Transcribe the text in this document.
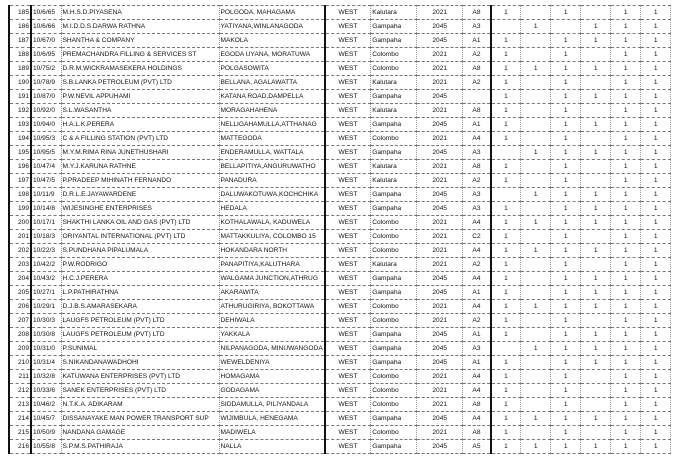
185	10/6/65	M.H.S.D.PIYASENA	POLGODA, MAHAGAMA	WEST	Kalutara	2021	A8	1		1		1	1
186	10/6/66	M.I.D.D.S.DARWA RATHNA	YATIYANA,WINLANAGODA	WEST	Gampaha	2045	A3		1		1	1	1
187	10/67/0	SHANTHA & COMPANY	MAKOLA	WEST	Gampaha	2045	A1	1		1	1	1	1
188	10/6/95	PREMACHANDRA FILLING & SERVICES ST	EGODA UYANA, MORATUWA	WEST	Colombo	2021	A2	1		1		1	1
189	10/75/2	D.R.M.WICKRAMASEKERA HOLDINGS	POLGASOWITA	WEST	Colombo	2021	A8	1	1	1	1	1	1
190	10/78/9	S.B.LANKA PETROLEUM (PVT) LTD	BELLANA, AGALAWATTA	WEST	Kalutara	2021	A2	1		1		1	1
191	10/87/0	P.W.NEVIL APPUHAMI	KATANA ROAD,DAMPELLA	WEST	Gampaha	2045		1		1	1	1	1
192	10/92/0	S.L.WASANTHA	MORAGAHAHENA	WEST	Kalutara	2021	A8	1		1		1	1
193	10/94/0	H.A.L.K.PERERA	NELLIGAHAMULLA,ATTHANAG	WEST	Gampaha	2045	A1	1		1	1	1	1
194	10/95/3	C & A FILLING STATION (PVT) LTD	MATTEGODA	WEST	Colombo	2021	A4	1		1		1	1
195	10/95/5	M.Y.M.RIMA RINA JUNETHUSHARI	ENDERAMULLA, WATTALA	WEST	Gampaha	2045	A3		1	1	1	1	1
196	10/47/4	M.Y.J.KARUNA RATHNE	BELLAPITIYA,ANGURUWATHO	WEST	Kalutara	2021	A8	1		1		1	1
197	10/47/5	P.PRADEEP MIHINATH FERNANDO	PANADURA	WEST	Kalutara	2021	A2	1		1		1	1
198	10/11/9	D.R.L.E.JAYAWARDENE	DALUWAKOTUWA,KOCHCHIKA	WEST	Gampaha	2045	A3		1	1	1	1	1
199	10/14/8	WIJESINGHE ENTERPRISES	HEDALA	WEST	Gampaha	2045	A3	1		1	1	1	1
200	10/17/1	SHAKTHI LANKA OIL AND GAS (PVT) LTD	KOTHALAWALA, KADUWELA	WEST	Colombo	2021	A4	1	1	1	1	1	1
201	10/18/3	ORIYANTAL INTERNATIONAL (PVT) LTD	MATTAKKULIYA, COLOMBO 15	WEST	Colombo	2021	C2	1		1		1	1
202	10/22/3	S.PUNDHANA PIPALUMALA	HOKANDARA NORTH	WEST	Colombo	2021	A4	1	1	1	1	1	1
203	10/42/2	P.W.RODRIGO	PANAPITIYA,KALUTHARA	WEST	Kalutara	2021	A2	1		1		1	1
204	10/43/2	H.C.J.PERERA	WALGAMA JUNCTION,ATHRUG	WEST	Gampaha	2045	A4	1		1	1	1	1
205	10/27/1	L.P.PATHIRATHNA	AKARAWITA	WEST	Gampaha	2045	A1	1		1	1	1	1
206	10/29/1	D.J.B.S.AMARASEKARA	ATHURUGIRIYA, BOKOTTAWA	WEST	Colombo	2021	A4	1	1	1	1	1	1
207	10/30/3	LAUGFS PETROLEUM (PVT) LTD	DEHIWALA	WEST	Colombo	2021	A2	1		1		1	1
208	10/30/8	LAUGFS PETROLEUM (PVT) LTD	YAKKALA	WEST	Gampaha	2045	A1	1		1	1	1	1
209	10/31/0	P.SUNIMAL	NILPANAGODA, MINUWANGODA	WEST	Gampaha	2045	A3		1	1	1	1	1
210	10/31/4	S.NIKANDANAWADHOHI	WEWELDENIYA	WEST	Gampaha	2045	A1	1		1	1	1	1
211	10/32/8	KATUWANA ENTERPRISES (PVT) LTD	HOMAGAMA	WEST	Colombo	2021	A4	1		1		1	1
212	10/33/6	SANEK ENTERPRISES (PVT) LTD	GODAGAMA	WEST	Colombo	2021	A4	1		1		1	1
213	10/46/2	N.T.K.A. ADIKARAM	SIDDAMULLA, PILIYANDALA	WEST	Colombo	2021	A8	1		1		1	1
214	10/45/7	DISSANAYAKE MAN POWER TRANSPORT SUP	WIJIMBULA, HENEGAMA	WEST	Gampaha	2045	A4	1	1	1	1	1	1
215	10/50/9	NANDANA GAMAGE	MADIWELA	WEST	Colombo	2021	A8	1		1		1	1
216	10/55/8	S.P.M.S.PATHIRAJA	NALLA	WEST	Gampaha	2045	A5	1	1	1	1	1	1
